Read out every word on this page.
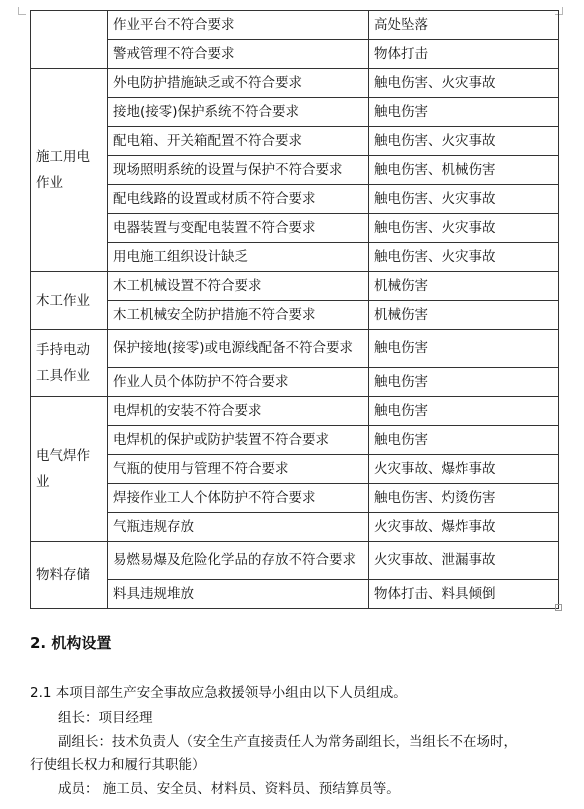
	作业平台不符合要求	高处坠落
	警戒管理不符合要求	物体打击
施工用电作业	外电防护措施缺乏或不符合要求	触电伤害、火灾事故
	接地(接零)保护系统不符合要求	触电伤害
	配电箱、开关箱配置不符合要求	触电伤害、火灾事故
	现场照明系统的设置与保护不符合要求	触电伤害、机械伤害
	配电线路的设置或材质不符合要求	触电伤害、火灾事故
	电器装置与变配电装置不符合要求	触电伤害、火灾事故
	用电施工组织设计缺乏	触电伤害、火灾事故
木工作业	木工机械设置不符合要求	机械伤害
	木工机械安全防护措施不符合要求	机械伤害
手持电动工具作业	保护接地(接零)或电源线配备不符合要求	触电伤害
	作业人员个体防护不符合要求	触电伤害
电气焊作业	电焊机的安装不符合要求	触电伤害
	电焊机的保护或防护装置不符合要求	触电伤害
	气瓶的使用与管理不符合要求	火灾事故、爆炸事故
	焊接作业工人个体防护不符合要求	触电伤害、灼烫伤害
	气瓶违规存放	火灾事故、爆炸事故
物料存储	易燃易爆及危险化学品的存放不符合要求	火灾事故、泄漏事故
	料具违规堆放	物体打击、料具倾倒
2. 机构设置
2.1 本项目部生产安全事故应急救援领导小组由以下人员组成。
组长：项目经理
副组长：技术负责人（安全生产直接责任人为常务副组长，当组长不在场时，
行使组长权力和履行其职能）
成员： 施工员、安全员、材料员、资料员、预结算员等。
